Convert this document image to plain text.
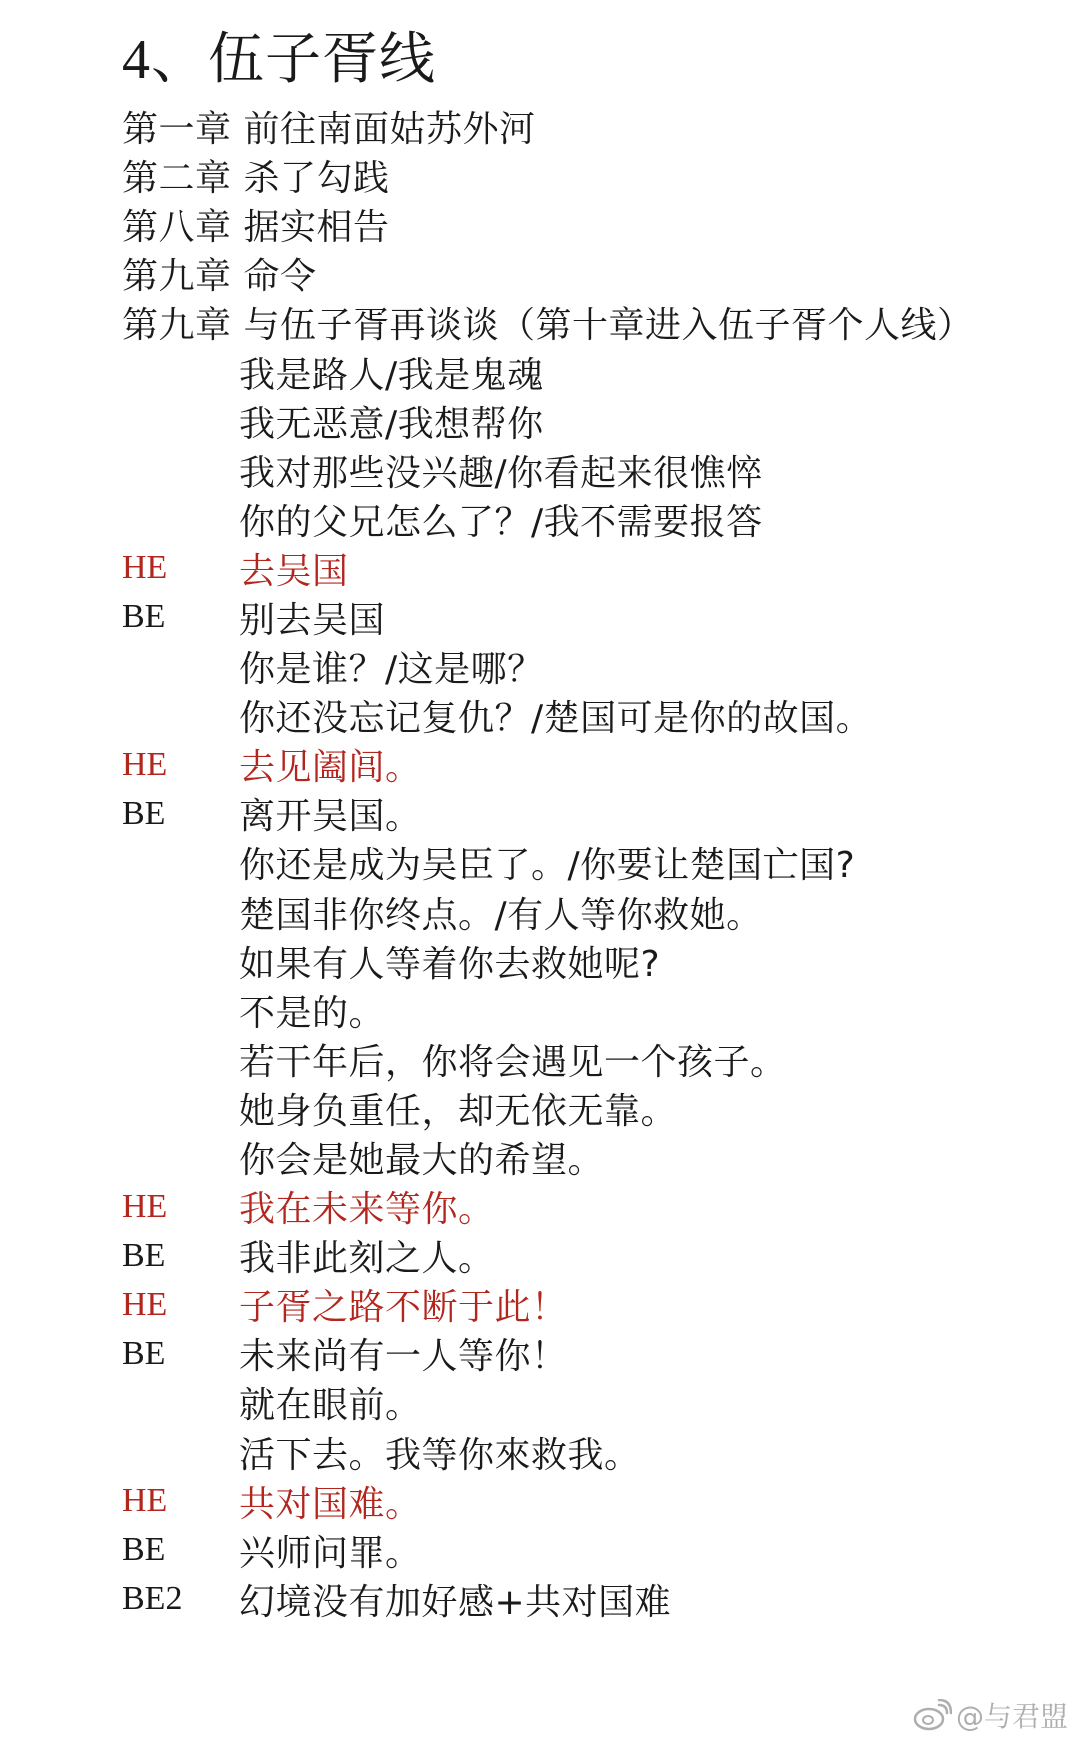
4、伍子胥线
第一章 前往南面姑苏外河
第二章 杀了勾践
第八章 据实相告
第九章 命令
第九章 与伍子胥再谈谈（第十章进入伍子胥个人线）
我是路人/我是鬼魂
我无恶意/我想帮你
我对那些没兴趣/你看起来很憔悴
你的父兄怎么了？/我不需要报答
HE	去吴国
BE	别去吴国
你是谁？/这是哪？
你还没忘记复仇？/楚国可是你的故国。
HE	去见阖闾。
BE	离开吴国。
你还是成为吴臣了。/你要让楚国亡国?
楚国非你终点。/有人等你救她。
如果有人等着你去救她呢?
不是的。
若干年后，你将会遇见一个孩子。
她身负重任，却无依无靠。
你会是她最大的希望。
HE	我在未来等你。
BE	我非此刻之人。
HE	子胥之路不断于此！
BE	未来尚有一人等你！
就在眼前。
活下去。我等你來救我。
HE	共对国难。
BE	兴师问罪。
BE2	幻境没有加好感+共对国难
@与君盟
